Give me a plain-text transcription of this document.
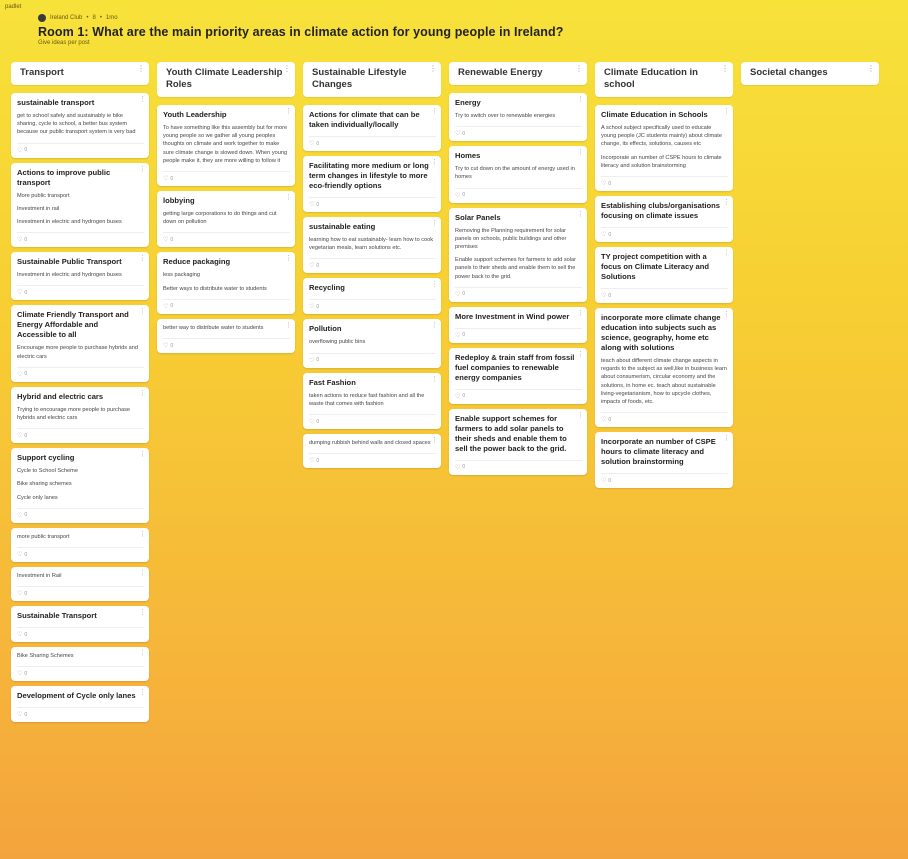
padlet
Ireland Club • 8 • 1mo
Room 1: What are the main priority areas in climate action for young people in Ireland?
Give ideas per post
Transport	⋮
⋮
sustainable transport

get to school safely and sustainably ie bike sharing, cycle to school, a better bus system because our public transport system is very bad

♡ 0
⋮
Actions to improve public transport

More public transport

Investment in rail

Investment in electric and hydrogen buses

♡ 0
⋮
Sustainable Public Transport

Investment in electric and hydrogen buses

♡ 0
⋮
Climate Friendly Transport and Energy Affordable and Accessible to all

Encourage more people to purchase hybrids and electric cars

♡ 0
⋮
Hybrid and electric cars

Trying to encourage more people to purchase hybrids and electric cars

♡ 0
⋮
Support cycling

Cycle to School Scheme

Bike sharing schemes

Cycle only lanes

♡ 0
⋮

more public transport

♡ 0
⋮

Investment in Rail

♡ 0
⋮
Sustainable Transport
♡ 0
⋮

Bike Sharing Schemes

♡ 0
⋮
Development of Cycle only lanes
♡ 0
Youth Climate Leadership Roles
⋮
⋮
Youth Leadership

To have something like this assembly but for more young people so we gather all young peoples thoughts on climate and work together to make sure climate change is slowed down. When young people make it, they are more willing to follow it

♡ 0
⋮
lobbying

getting large corporations to do things and cut down on pollution

♡ 0
⋮
Reduce packaging

less packaging

Better ways to distribute water to students

♡ 0
⋮

better way to distribute water to students

♡ 0
Sustainable Lifestyle Changes
⋮
⋮
Actions for climate that can be taken individually/locally
♡ 0
⋮
Facilitating more medium or long term changes in lifestyle to more eco-friendly options
♡ 0
⋮
sustainable eating

learning how to eat sustainably- learn how to cook vegetarian meals, learn solutions etc.

♡ 0
⋮
Recycling
♡ 0
⋮
Pollution

overflowing public bins

♡ 0
⋮
Fast Fashion

taken actions to reduce fast fashion and all the waste that comes with fashion

♡ 0
⋮

dumping rubbish behind walls and closed spaces

♡ 0
Renewable Energy	⋮
⋮
Energy

Try to switch over to renewable energies

♡ 0
⋮
Homes

Try to cut down on the amount of energy used in homes

♡ 0
⋮
Solar Panels

Removing the Planning requirement for solar panels on schools, public buildings and other premises

Enable support schemes for farmers to add solar panels to their sheds and enable them to sell the power back to the grid.

♡ 0
⋮
More Investment in Wind power
♡ 0
⋮
Redeploy & train staff from fossil fuel companies to renewable energy companies
♡ 0
⋮
Enable support schemes for farmers to add solar panels to their sheds and enable them to sell the power back to the grid.
♡ 0
Climate Education in school
⋮
⋮
Climate Education in Schools

A school subject specifically used to educate young people (JC students mainly) about climate change, its effects, solutions, causes etc

Incorporate an number of CSPE hours to climate literacy and solution brainstorming

♡ 0
⋮
Establishing clubs/organisations focusing on climate issues
♡ 0
⋮
TY project competition with a focus on Climate Literacy and Solutions
♡ 0
⋮
incorporate more climate change education into subjects such as science, geography, home etc along with solutions

teach about different climate change aspects in regards to the subject as well,like in business learn about consumerism, circular economy and the solutions, in home ec. teach about sustainable living-vegetarianism, how to upcycle clothes, impacts of foods, etc.

♡ 0
⋮
Incorporate an number of CSPE hours to climate literacy and solution brainstorming
♡ 0
Societal changes	⋮
